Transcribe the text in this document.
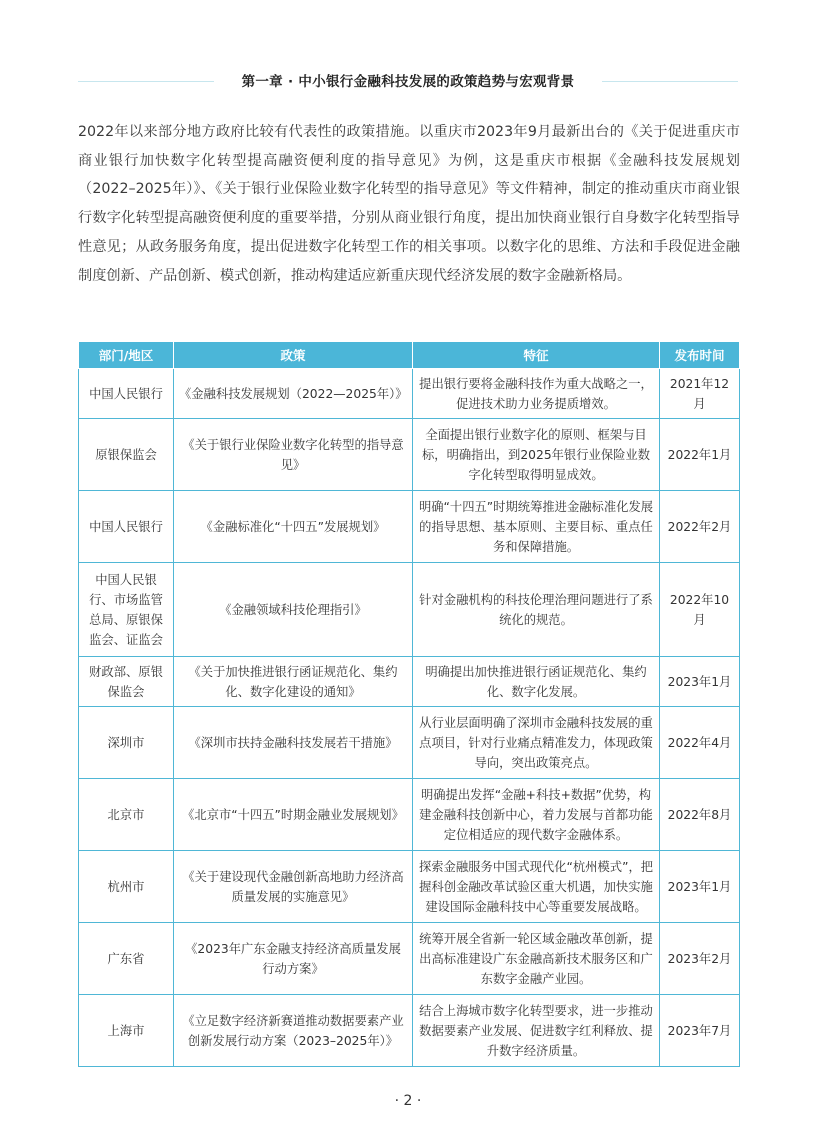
第一章 · 中小银行金融科技发展的政策趋势与宏观背景

2022年以来部分地方政府比较有代表性的政策措施。以重庆市2023年9月最新出台的《关于促进重庆市商业银行加快数字化转型提高融资便利度的指导意见》为例，这是重庆市根据《金融科技发展规划（2022–2025年）》、《关于银行业保险业数字化转型的指导意见》等文件精神，制定的推动重庆市商业银行数字化转型提高融资便利度的重要举措，分别从商业银行角度，提出加快商业银行自身数字化转型指导性意见；从政务服务角度，提出促进数字化转型工作的相关事项。以数字化的思维、方法和手段促进金融制度创新、产品创新、模式创新，推动构建适应新重庆现代经济发展的数字金融新格局。

部门/地区	政策	特征	发布时间
中国人民银行	《金融科技发展规划（2022—2025年）》	提出银行要将金融科技作为重大战略之一，促进技术助力业务提质增效。	2021年12月
原银保监会	《关于银行业保险业数字化转型的指导意见》	全面提出银行业数字化的原则、框架与目标，明确指出，到2025年银行业保险业数字化转型取得明显成效。	2022年1月
中国人民银行	《金融标准化“十四五”发展规划》	明确“十四五”时期统筹推进金融标准化发展的指导思想、基本原则、主要目标、重点任务和保障措施。	2022年2月
中国人民银行、市场监管总局、原银保监会、证监会	《金融领域科技伦理指引》	针对金融机构的科技伦理治理问题进行了系统化的规范。	2022年10月
财政部、原银保监会	《关于加快推进银行函证规范化、集约化、数字化建设的通知》	明确提出加快推进银行函证规范化、集约化、数字化发展。	2023年1月
深圳市	《深圳市扶持金融科技发展若干措施》	从行业层面明确了深圳市金融科技发展的重点项目，针对行业痛点精准发力，体现政策导向，突出政策亮点。	2022年4月
北京市	《北京市“十四五”时期金融业发展规划》	明确提出发挥“金融+科技+数据”优势，构建金融科技创新中心，着力发展与首都功能定位相适应的现代数字金融体系。	2022年8月
杭州市	《关于建设现代金融创新高地助力经济高质量发展的实施意见》	探索金融服务中国式现代化“杭州模式”，把握科创金融改革试验区重大机遇，加快实施建设国际金融科技中心等重要发展战略。	2023年1月
广东省	《2023年广东金融支持经济高质量发展行动方案》	统筹开展全省新一轮区域金融改革创新，提出高标准建设广东金融高新技术服务区和广东数字金融产业园。	2023年2月
上海市	《立足数字经济新赛道推动数据要素产业创新发展行动方案（2023–2025年）》	结合上海城市数字化转型要求，进一步推动数据要素产业发展、促进数字红利释放、提升数字经济质量。	2023年7月
· 2 ·
